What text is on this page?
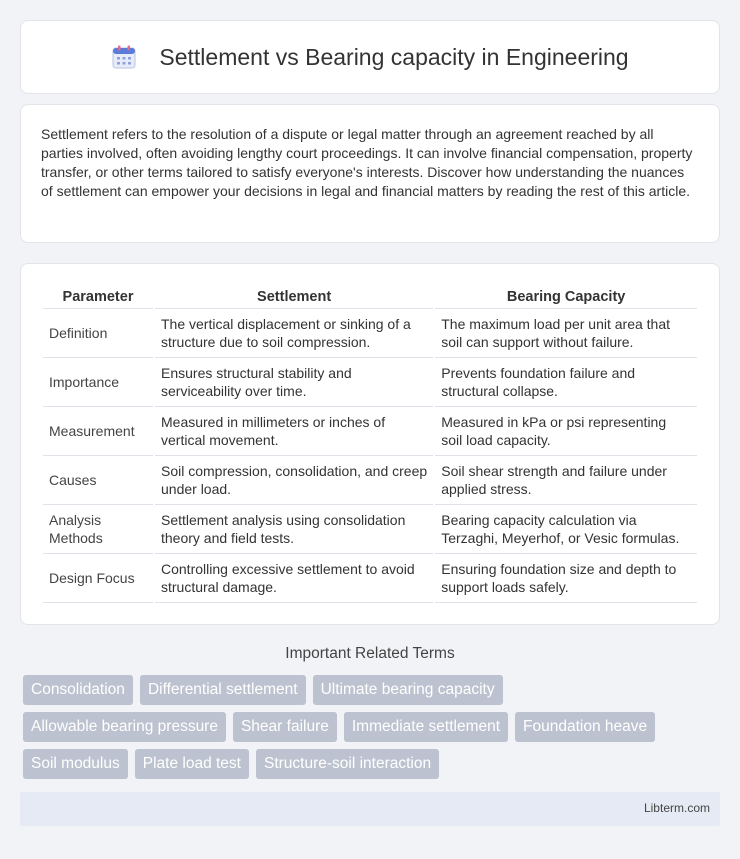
Settlement vs Bearing capacity in Engineering

Settlement refers to the resolution of a dispute or legal matter through an agreement reached by all parties involved, often avoiding lengthy court proceedings. It can involve financial compensation, property transfer, or other terms tailored to satisfy everyone's interests. Discover how understanding the nuances of settlement can empower your decisions in legal and financial matters by reading the rest of this article.

Parameter	Settlement	Bearing Capacity
Definition	The vertical displacement or sinking of a structure due to soil compression.	The maximum load per unit area that soil can support without failure.
Importance	Ensures structural stability and serviceability over time.	Prevents foundation failure and structural collapse.
Measurement	Measured in millimeters or inches of vertical movement.	Measured in kPa or psi representing soil load capacity.
Causes	Soil compression, consolidation, and creep under load.	Soil shear strength and failure under applied stress.
Analysis Methods	Settlement analysis using consolidation theory and field tests.	Bearing capacity calculation via Terzaghi, Meyerhof, or Vesic formulas.
Design Focus	Controlling excessive settlement to avoid structural damage.	Ensuring foundation size and depth to support loads safely.
Important Related Terms
Consolidation	Differential settlement	Ultimate bearing capacity
Allowable bearing pressure	Shear failure	Immediate settlement	Foundation heave
Soil modulus	Plate load test	Structure-soil interaction
Libterm.com
